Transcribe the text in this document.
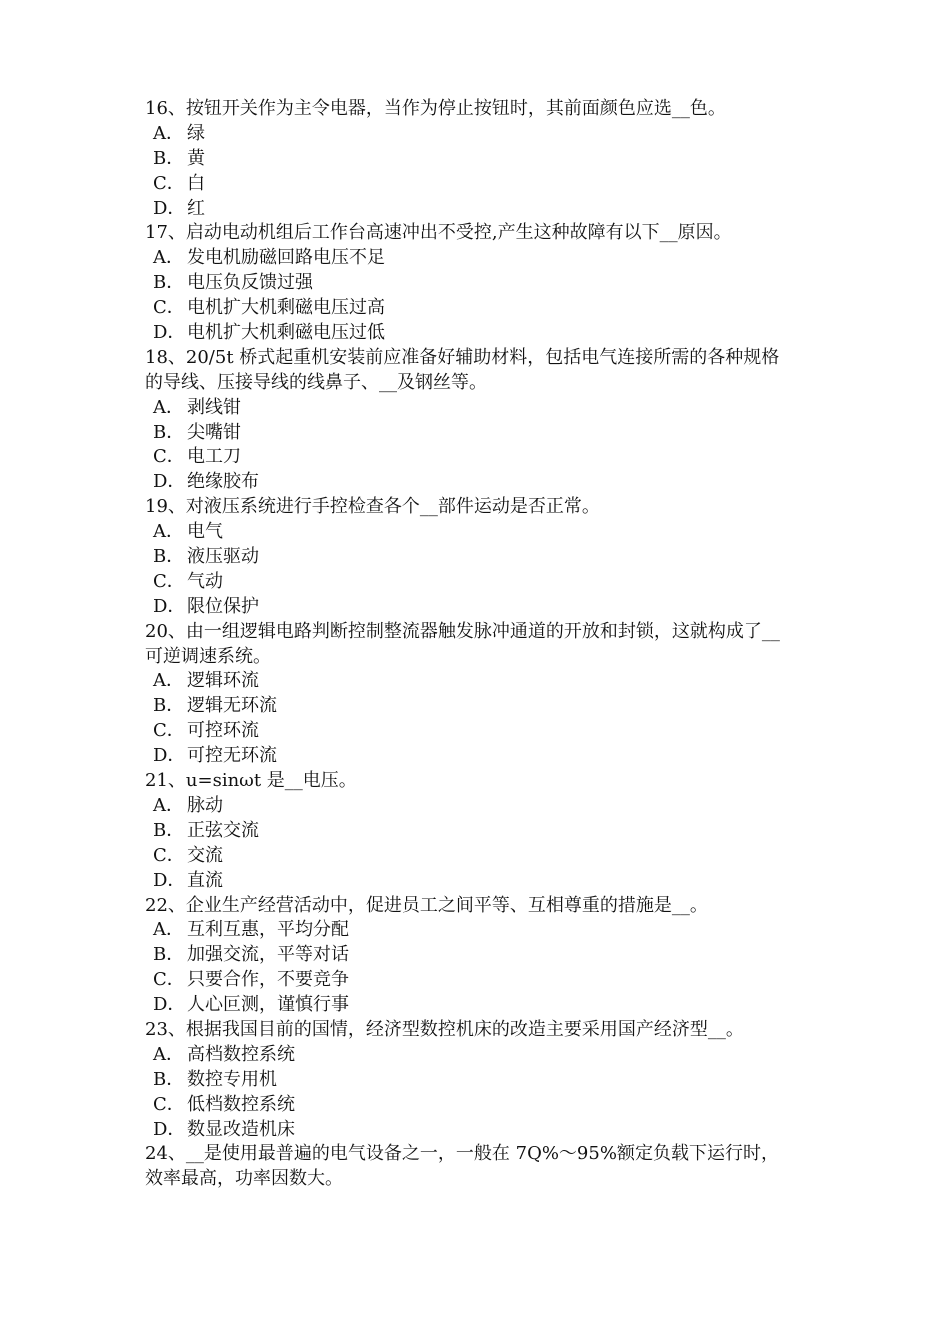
16、按钮开关作为主令电器，当作为停止按钮时，其前面颜色应选__色。
A． 绿
B． 黄
C． 白
D．红
17、启动电动机组后工作台高速冲出不受控,产生这种故障有以下__原因。
A． 发电机励磁回路电压不足
B． 电压负反馈过强
C． 电机扩大机剩磁电压过高
D．电机扩大机剩磁电压过低
18、20/5t 桥式起重机安装前应准备好辅助材料，包括电气连接所需的各种规格
的导线、压接导线的线鼻子、__及钢丝等。
A． 剥线钳
B． 尖嘴钳
C． 电工刀
D．绝缘胶布
19、对液压系统进行手控检查各个__部件运动是否正常。
A． 电气
B． 液压驱动
C． 气动
D．限位保护
20、由一组逻辑电路判断控制整流器触发脉冲通道的开放和封锁，这就构成了__
可逆调速系统。
A． 逻辑环流
B． 逻辑无环流
C． 可控环流
D．可控无环流
21、u=sinωt 是__电压。
A． 脉动
B． 正弦交流
C． 交流
D．直流
22、企业生产经营活动中，促进员工之间平等、互相尊重的措施是__。
A． 互利互惠，平均分配
B． 加强交流，平等对话
C． 只要合作，不要竞争
D．人心叵测，谨慎行事
23、根据我国目前的国情，经济型数控机床的改造主要采用国产经济型__。
A． 高档数控系统
B． 数控专用机
C． 低档数控系统
D．数显改造机床
24、__是使用最普遍的电气设备之一，一般在 7Q%～95%额定负载下运行时，
效率最高，功率因数大。
